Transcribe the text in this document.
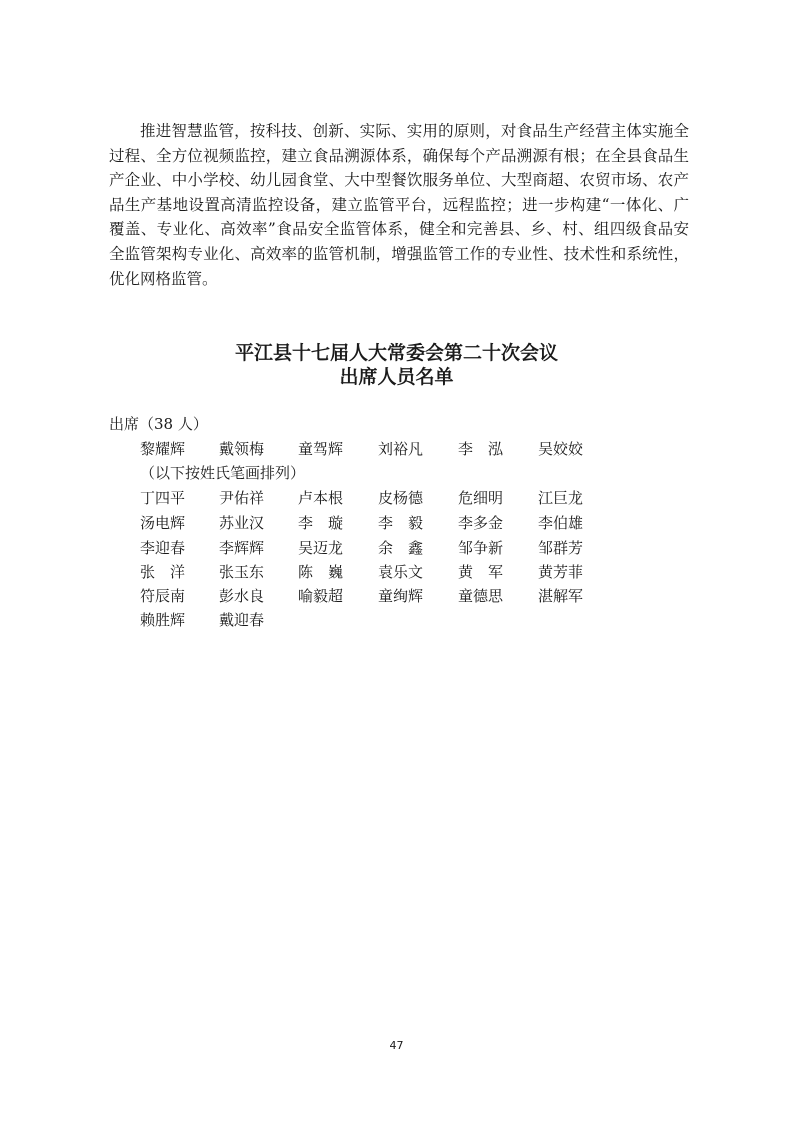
推进智慧监管，按科技、创新、实际、实用的原则，对食品生产经营主体实施全过程、全方位视频监控，建立食品溯源体系，确保每个产品溯源有根；在全县食品生产企业、中小学校、幼儿园食堂、大中型餐饮服务单位、大型商超、农贸市场、农产品生产基地设置高清监控设备，建立监管平台，远程监控；进一步构建“一体化、广覆盖、专业化、高效率”食品安全监管体系，健全和完善县、乡、村、组四级食品安全监管架构专业化、高效率的监管机制，增强监管工作的专业性、技术性和系统性，优化网格监管。

平江县十七届人大常委会第二十次会议
出席人员名单
出席（38 人）
黎耀辉	戴领梅	童驾辉	刘裕凡	李　泓	吴姣姣
（以下按姓氏笔画排列）
丁四平	尹佑祥	卢本根	皮杨德	危细明	江巨龙
汤电辉	苏业汉	李　璇	李　毅	李多金	李伯雄
李迎春	李辉辉	吴迈龙	余　鑫	邹争新	邹群芳
张　洋	张玉东	陈　巍	袁乐文	黄　军	黄芳菲
符辰南	彭水良	喻毅超	童绚辉	童德思	湛解军
赖胜辉	戴迎春
47
